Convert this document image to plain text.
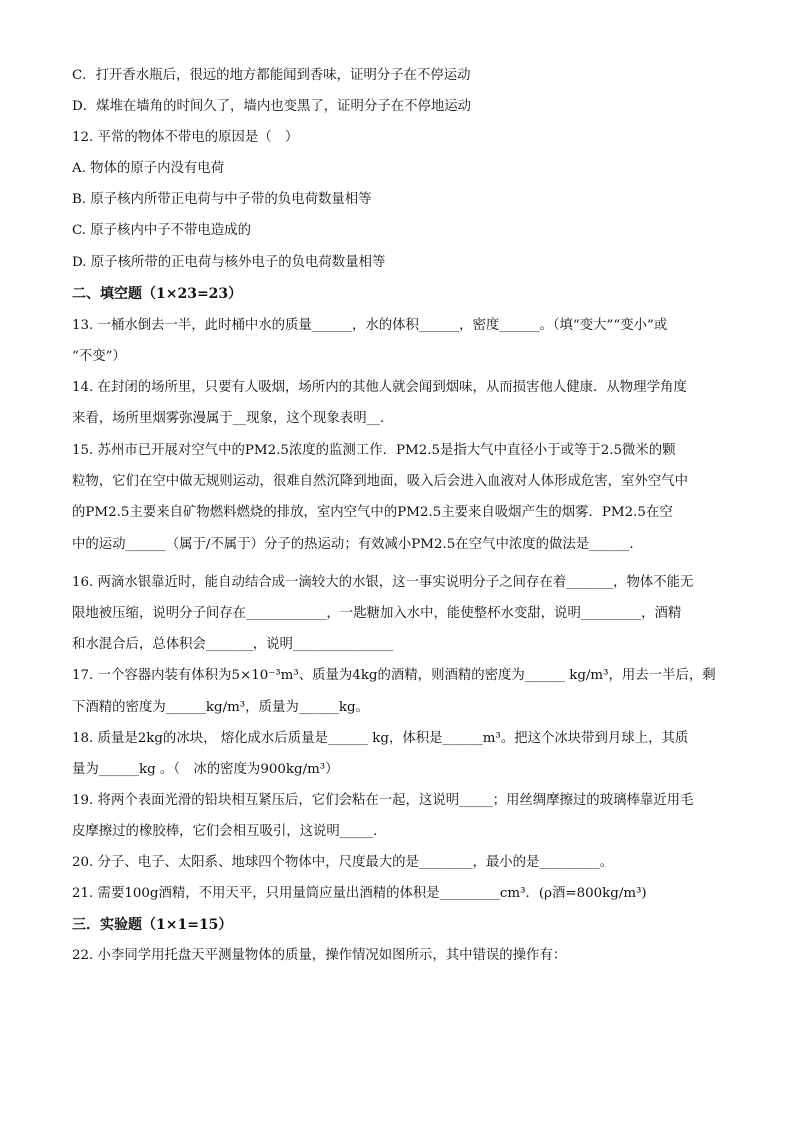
C．打开香水瓶后，很远的地方都能闻到香味，证明分子在不停运动
D．煤堆在墙角的时间久了，墙内也变黑了，证明分子在不停地运动
12. 平常的物体不带电的原因是（　）
A. 物体的原子内没有电荷
B. 原子核内所带正电荷与中子带的负电荷数量相等
C. 原子核内中子不带电造成的
D. 原子核所带的正电荷与核外电子的负电荷数量相等
二、填空题（1×23=23）
13. 一桶水倒去一半，此时桶中水的质量______，水的体积______，密度______。（填“变大”“变小”或
“不变”）
14. 在封闭的场所里，只要有人吸烟，场所内的其他人就会闻到烟味，从而损害他人健康．从物理学角度
来看，场所里烟雾弥漫属于__现象，这个现象表明__．
15. 苏州市已开展对空气中的PM2.5浓度的监测工作．PM2.5是指大气中直径小于或等于2.5微米的颗
粒物，它们在空中做无规则运动，很难自然沉降到地面，吸入后会进入血液对人体形成危害，室外空气中
的PM2.5主要来自矿物燃料燃烧的排放，室内空气中的PM2.5主要来自吸烟产生的烟雾．PM2.5在空
中的运动______（属于/不属于）分子的热运动；有效减小PM2.5在空气中浓度的做法是______．
16. 两滴水银靠近时，能自动结合成一滴较大的水银，这一事实说明分子之间存在着_______，物体不能无
限地被压缩，说明分子间存在____________，一匙糖加入水中，能使整杯水变甜，说明_________，酒精
和水混合后，总体积会_______，说明_______________
17. 一个容器内装有体积为5×10⁻³m³、质量为4kg的酒精，则酒精的密度为______ kg/m³，用去一半后，剩
下酒精的密度为______kg/m³，质量为______kg。
18. 质量是2kg的冰块， 熔化成水后质量是______ kg，体积是______m³。把这个冰块带到月球上，其质
量为______kg 。（　冰的密度为900kg/m³）
19. 将两个表面光滑的铅块相互紧压后，它们会粘在一起，这说明_____；用丝绸摩擦过的玻璃棒靠近用毛
皮摩擦过的橡胶棒，它们会相互吸引，这说明_____．
20. 分子、电子、太阳系、地球四个物体中，尺度最大的是________，最小的是_________。
21. 需要100g酒精，不用天平，只用量筒应量出酒精的体积是_________cm³．(ρ酒=800kg/m³)
三．实验题（1×1=15）
22. 小李同学用托盘天平测量物体的质量，操作情况如图所示，其中错误的操作有：
